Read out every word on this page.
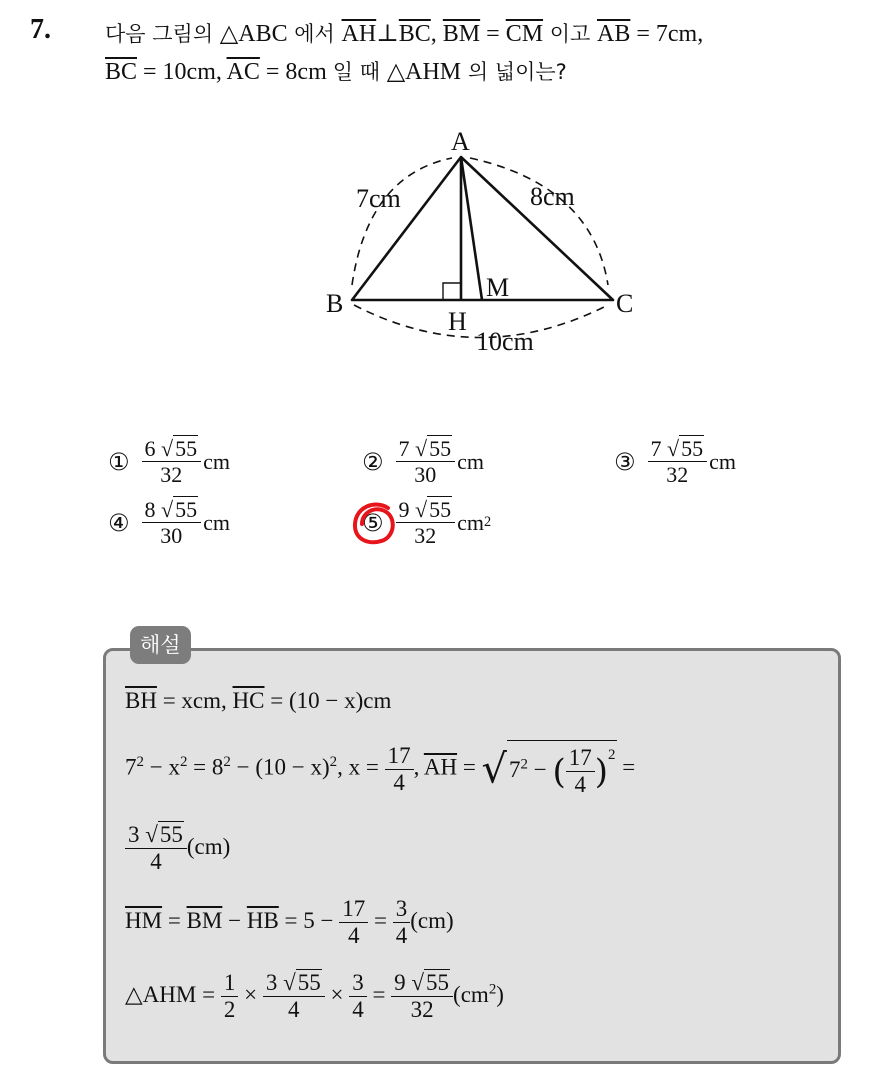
7.	다음 그림의 △ABC 에서 $\overline{AH}\perp\overline{BC}$, $\overline{BM} = \overline{CM}$ 이고 $\overline{AB} = 7cm$,
$\overline{BC} = 10cm$, $\overline{AC} = 8cm$ 일 때 △AHM 의 넓이는?
A
B	C
H
M
7cm	8cm
10cm
① $\frac{6 √55}{32}$ cm	② $\frac{7 √55}{30}$ cm	③ $\frac{7 √55}{32}$ cm
④ $\frac{8 √55}{30}$ cm	⑤ $\frac{9 √55}{32}$ cm 2
해설
$\overline{BH}$ = xcm, $\overline{HC} = (10 - x)cm$
$7^2 - x^2 = 8^2 - (10 - x)^2$, $x = \frac{17}{4}$ , $\overline{AH} = √7^2$ − ( $\frac{17}{4} )^2$ =
$\frac{3 √55}{4} (cm)$
$\overline{HM} = \overline{BM} - \overline{HB} = 5 - \frac{17}{4} = \frac{3}{4} (cm)$
△AHM = $\frac{1}{2} \times \frac{3 √55}{4} \times \frac{3}{4} = \frac{9 √55}{32} (cm^2)$
